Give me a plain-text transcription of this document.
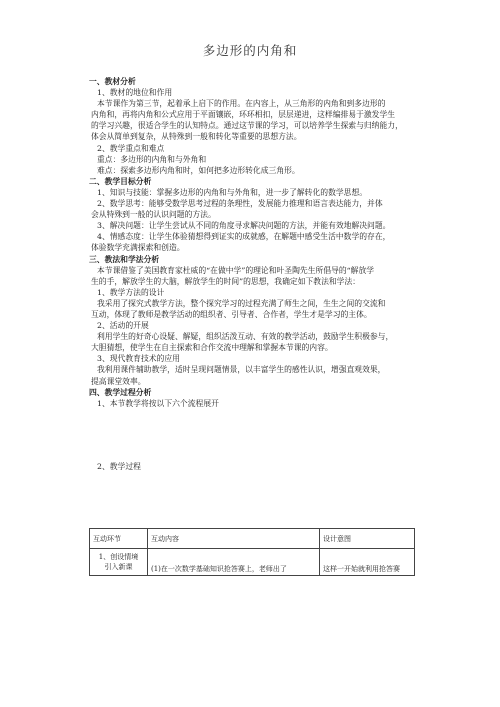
多边形的内角和

一、教材分析

1、教材的地位和作用

本节课作为第三节，起着承上启下的作用。在内容上，从三角形的内角和到多边形的

内角和，再将内角和公式应用于平面镶嵌，环环相扣，层层递进，这样编排易于激发学生

的学习兴趣，很适合学生的认知特点。通过这节课的学习，可以培养学生探索与归纳能力，

体会从简单到复杂，从特殊到一般和转化等重要的思想方法。

2、教学重点和难点

重点：多边形的内角和与外角和

难点：探索多边形内角和时，如何把多边形转化成三角形。

二、教学目标分析

1、知识与技能：掌握多边形的内角和与外角和，进一步了解转化的数学思想。

2、数学思考：能够受数学思考过程的条理性，发展能力推理和语言表达能力，并体

会从特殊到一般的认识问题的方法。

3、解决问题：让学生尝试从不同的角度寻求解决问题的方法，并能有效地解决问题。

4、情感态度：让学生体验猜想得到证实的成就感，在解题中感受生活中数学的存在，

体验数学充满探索和创造。

三、教法和学法分析

本节课借鉴了美国教育家杜威的“在做中学”的理论和叶圣陶先生所倡导的“解放学

生的手，解放学生的大脑，解放学生的时间”的思想，我确定如下教法和学法：

1、教学方法的设计

我采用了探究式教学方法，整个探究学习的过程充满了师生之间，生生之间的交流和

互动，体现了教师是教学活动的组织者、引导者、合作者，学生才是学习的主体。

2、活动的开展

利用学生的好奇心设疑、解疑，组织活泼互动、有效的教学活动，鼓励学生积极参与，

大胆猜想，使学生在自主探索和合作交流中理解和掌握本节课的内容。

3、现代教育技术的应用

我利用课件辅助教学，适时呈现问题情景，以丰富学生的感性认识，增强直观效果，

提高课堂效率。

四、教学过程分析

1、本节教学将按以下六个流程展开

2、教学过程

互动环节	互动内容	设计意图

1、创设情境
引入新课	(1)在一次数学基础知识抢答赛上，老师出了	这样一开始就利用抢答赛
